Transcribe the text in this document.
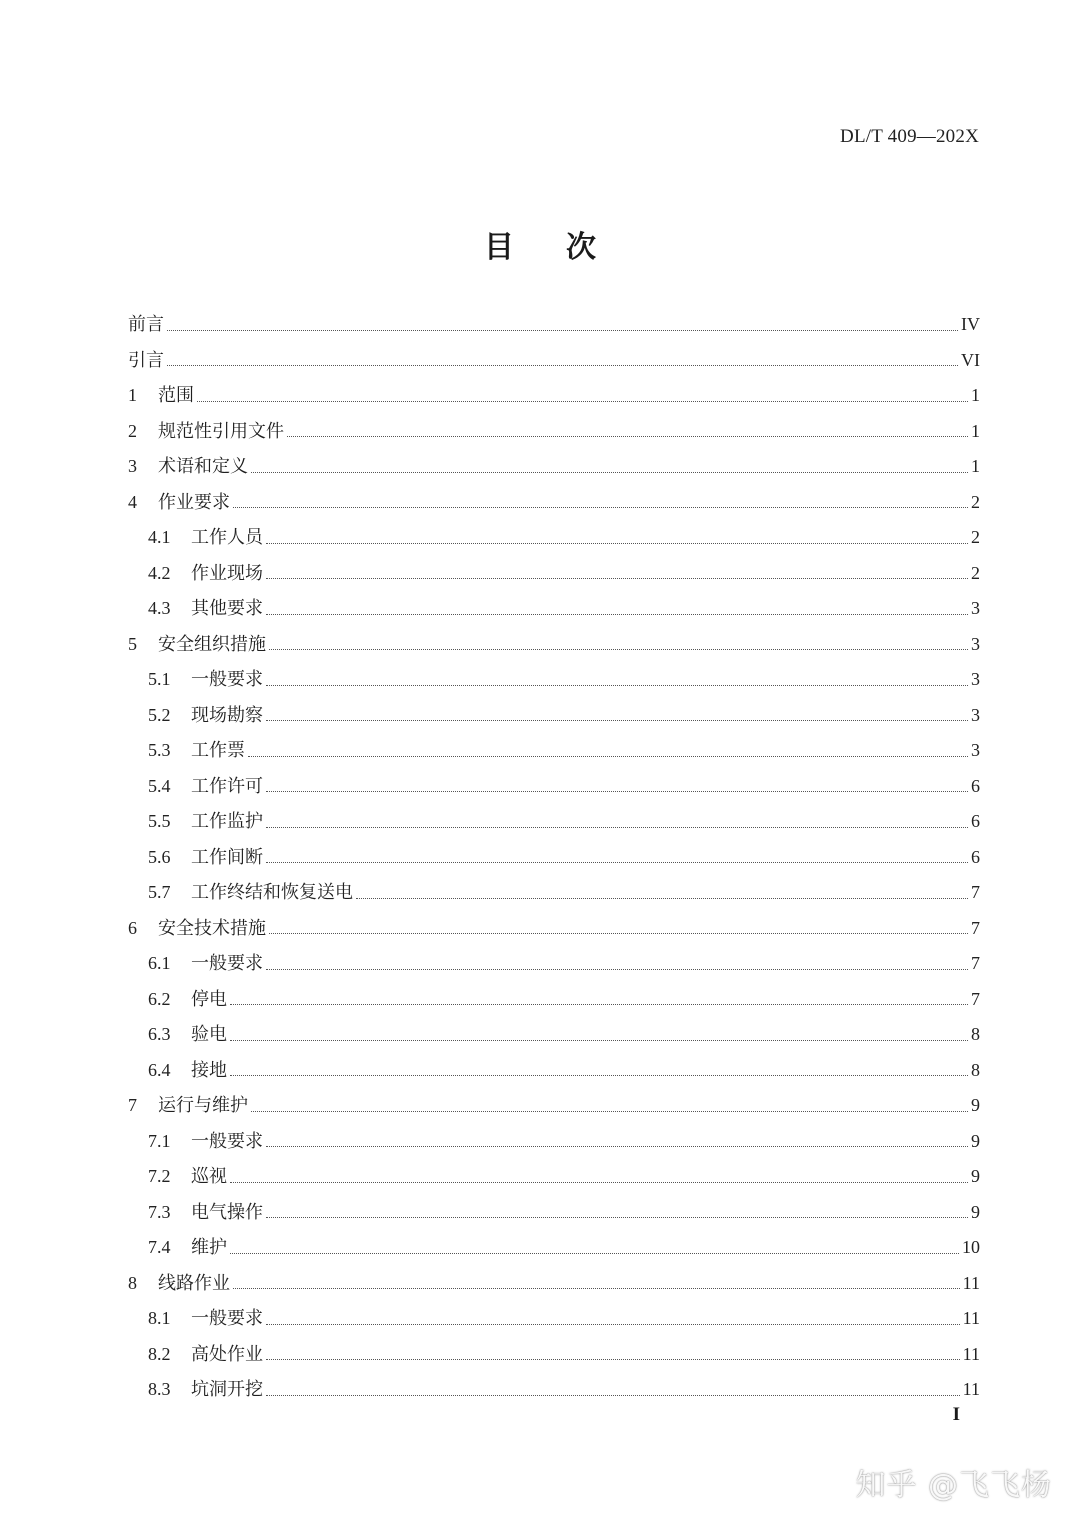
DL/T 409—202X
目次
前言	IV
引言	VI
1	范围	1
2	规范性引用文件	1
3	术语和定义	1
4	作业要求	2
4.1	工作人员	2
4.2	作业现场	2
4.3	其他要求	3
5	安全组织措施	3
5.1	一般要求	3
5.2	现场勘察	3
5.3	工作票	3
5.4	工作许可	6
5.5	工作监护	6
5.6	工作间断	6
5.7	工作终结和恢复送电	7
6	安全技术措施	7
6.1	一般要求	7
6.2	停电	7
6.3	验电	8
6.4	接地	8
7	运行与维护	9
7.1	一般要求	9
7.2	巡视	9
7.3	电气操作	9
7.4	维护	10
8	线路作业	11
8.1	一般要求	11
8.2	高处作业	11
8.3	坑洞开挖	11
I
知乎 @飞飞杨
